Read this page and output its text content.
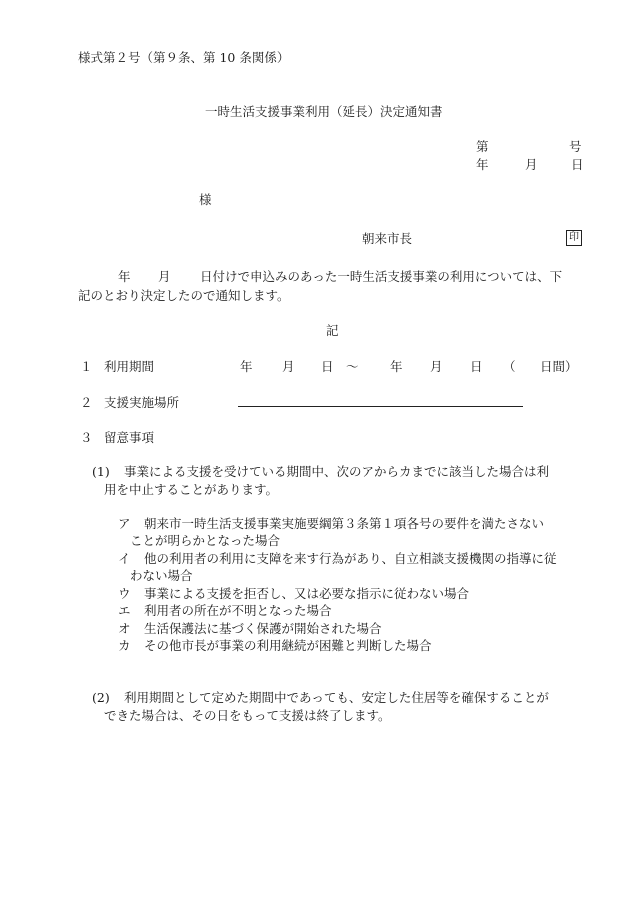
様式第２号（第９条、第 10 条関係）
一時生活支援事業利用（延長）決定通知書
第	号
年	月	日
様
朝来市長	印
年 月 日付けで申込みのあった一時生活支援事業の利用については、下
記のとおり決定したので通知します。
記
１ 利用期間	年 月 日 ～	年 月 日 （ 日間）
２ 支援実施場所
３ 留意事項
(1) 事業による支援を受けている期間中、次のアからカまでに該当した場合は利
用を中止することがあります。
ア 朝来市一時生活支援事業実施要綱第３条第１項各号の要件を満たさない
ことが明らかとなった場合
イ 他の利用者の利用に支障を来す行為があり、自立相談支援機関の指導に従
わない場合
ウ 事業による支援を拒否し、又は必要な指示に従わない場合
エ 利用者の所在が不明となった場合
オ 生活保護法に基づく保護が開始された場合
カ その他市長が事業の利用継続が困難と判断した場合
(2) 利用期間として定めた期間中であっても、安定した住居等を確保することが
できた場合は、その日をもって支援は終了します。
